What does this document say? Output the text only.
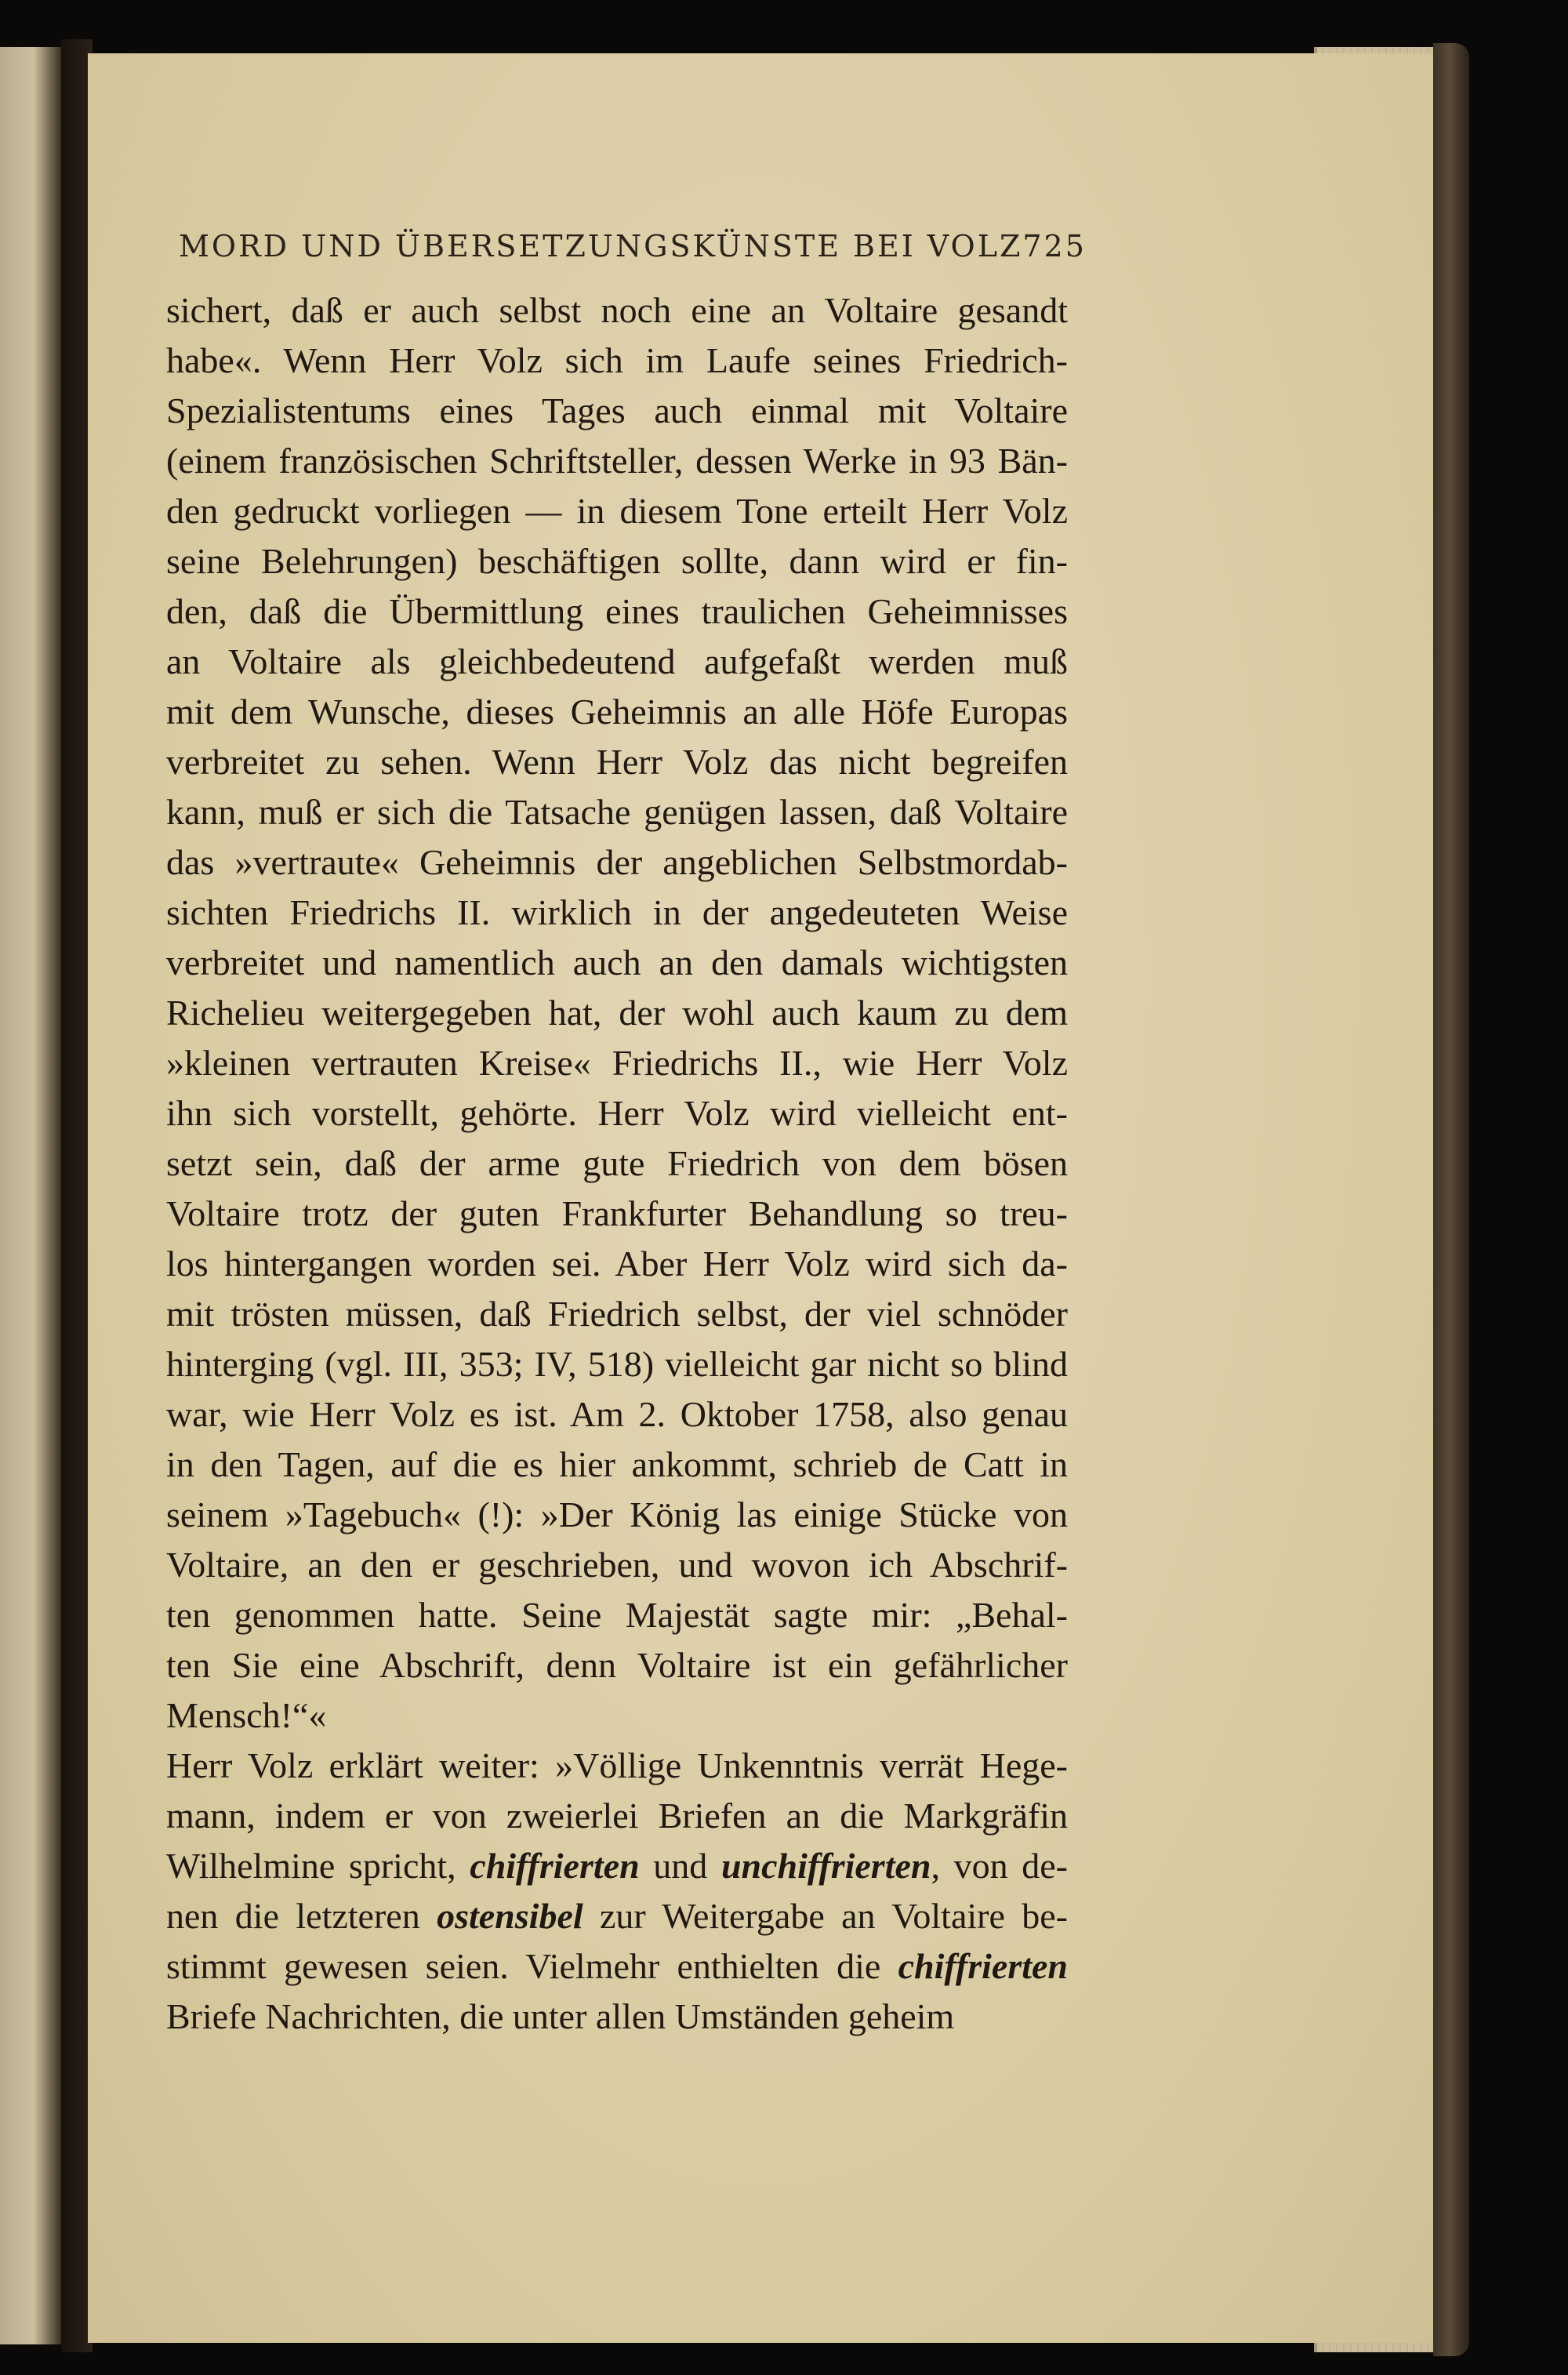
MORD UND ÜBERSETZUNGSKÜNSTE BEI VOLZ 725
sichert, daß er auch selbst noch eine an Voltaire gesandt
habe«. Wenn Herr Volz sich im Laufe seines Friedrich-
Spezialistentums eines Tages auch einmal mit Voltaire
(einem französischen Schriftsteller, dessen Werke in 93 Bän-
den gedruckt vorliegen — in diesem Tone erteilt Herr Volz
seine Belehrungen) beschäftigen sollte, dann wird er fin-
den, daß die Übermittlung eines traulichen Geheimnisses
an Voltaire als gleichbedeutend aufgefaßt werden muß
mit dem Wunsche, dieses Geheimnis an alle Höfe Europas
verbreitet zu sehen. Wenn Herr Volz das nicht begreifen
kann, muß er sich die Tatsache genügen lassen, daß Voltaire
das »vertraute« Geheimnis der angeblichen Selbstmordab-
sichten Friedrichs II. wirklich in der angedeuteten Weise
verbreitet und namentlich auch an den damals wichtigsten
Richelieu weitergegeben hat, der wohl auch kaum zu dem
»kleinen vertrauten Kreise« Friedrichs II., wie Herr Volz
ihn sich vorstellt, gehörte. Herr Volz wird vielleicht ent-
setzt sein, daß der arme gute Friedrich von dem bösen
Voltaire trotz der guten Frankfurter Behandlung so treu-
los hintergangen worden sei. Aber Herr Volz wird sich da-
mit trösten müssen, daß Friedrich selbst, der viel schnöder
hinterging (vgl. III, 353; IV, 518) vielleicht gar nicht so blind
war, wie Herr Volz es ist. Am 2. Oktober 1758, also genau
in den Tagen, auf die es hier ankommt, schrieb de Catt in
seinem »Tagebuch« (!): »Der König las einige Stücke von
Voltaire, an den er geschrieben, und wovon ich Abschrif-
ten genommen hatte. Seine Majestät sagte mir: „Behal-
ten Sie eine Abschrift, denn Voltaire ist ein gefährlicher
Mensch!“«
Herr Volz erklärt weiter: »Völlige Unkenntnis verrät Hege-
mann, indem er von zweierlei Briefen an die Markgräfin
Wilhelmine spricht, chiffrierten und unchiffrierten, von de-
nen die letzteren ostensibel zur Weitergabe an Voltaire be-
stimmt gewesen seien. Vielmehr enthielten die chiffrierten
Briefe Nachrichten, die unter allen Umständen geheim
